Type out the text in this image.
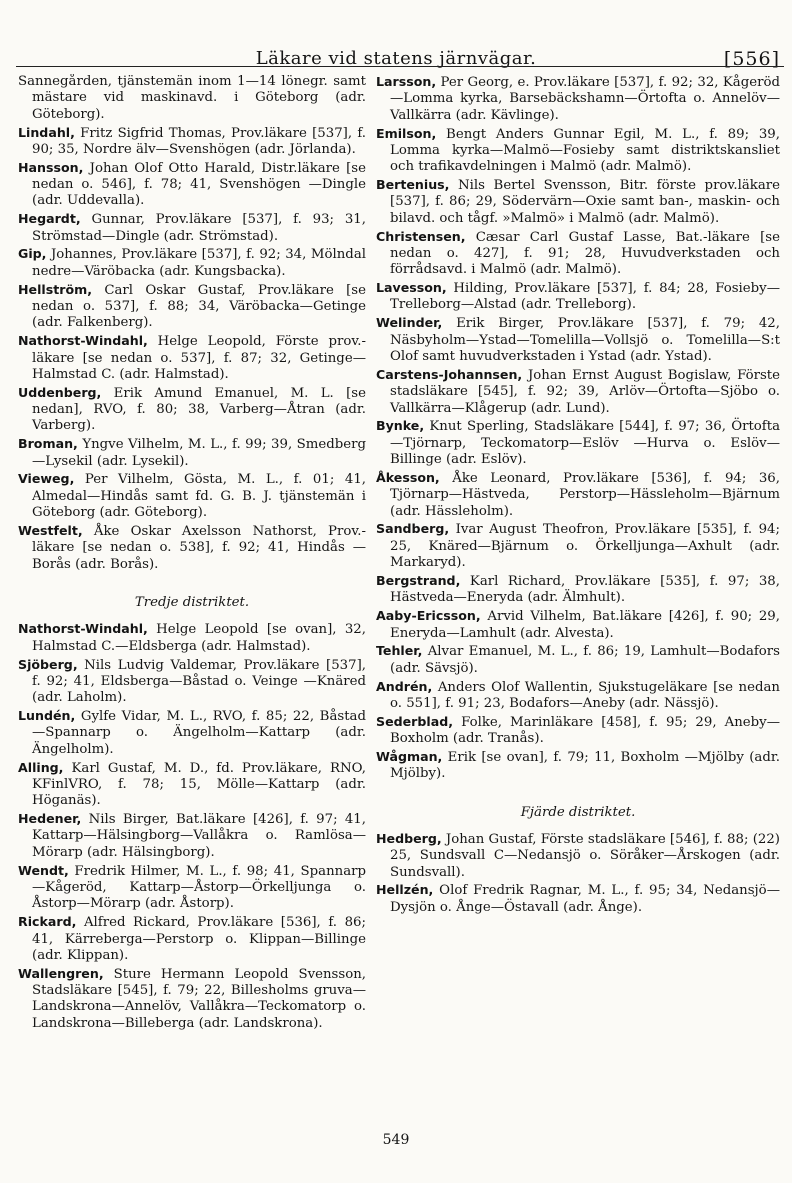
Läkare vid statens järnvägar.	[556]

Sannegården, tjänstemän inom 1—14 lönegr. samt mästare vid maskinavd. i Göteborg (adr. Göteborg).

Lindahl, Fritz Sigfrid Thomas, Prov.läkare [537], f. 90; 35, Nordre älv—Svenshögen (adr. Jörlanda).

Hansson, Johan Olof Otto Harald, Distr.läkare [se nedan o. 546], f. 78; 41, Svenshögen —Dingle (adr. Uddevalla).

Hegardt, Gunnar, Prov.läkare [537], f. 93; 31, Strömstad—Dingle (adr. Strömstad).

Gip, Johannes, Prov.läkare [537], f. 92; 34, Mölndal nedre—Väröbacka (adr. Kungsbacka).

Hellström, Carl Oskar Gustaf, Prov.läkare [se nedan o. 537], f. 88; 34, Väröbacka—Getinge (adr. Falkenberg).

Nathorst-Windahl, Helge Leopold, Förste prov.-läkare [se nedan o. 537], f. 87; 32, Getinge—Halmstad C. (adr. Halmstad).

Uddenberg, Erik Amund Emanuel, M. L. [se nedan], RVO, f. 80; 38, Varberg—Åtran (adr. Varberg).

Broman, Yngve Vilhelm, M. L., f. 99; 39, Smedberg—Lysekil (adr. Lysekil).

Vieweg, Per Vilhelm, Gösta, M. L., f. 01; 41, Almedal—Hindås samt fd. G. B. J. tjänstemän i Göteborg (adr. Göteborg).

Westfelt, Åke Oskar Axelsson Nathorst, Prov.-läkare [se nedan o. 538], f. 92; 41, Hindås —Borås (adr. Borås).

Tredje distriktet.

Nathorst-Windahl, Helge Leopold [se ovan], 32, Halmstad C.—Eldsberga (adr. Halmstad).

Sjöberg, Nils Ludvig Valdemar, Prov.läkare [537], f. 92; 41, Eldsberga—Båstad o. Veinge —Knäred (adr. Laholm).

Lundén, Gylfe Vidar, M. L., RVO, f. 85; 22, Båstad—Spannarp o. Ängelholm—Kattarp (adr. Ängelholm).

Alling, Karl Gustaf, M. D., fd. Prov.läkare, RNO, KFinlVRO, f. 78; 15, Mölle—Kattarp (adr. Höganäs).

Hedener, Nils Birger, Bat.läkare [426], f. 97; 41, Kattarp—Hälsingborg—Vallåkra o. Ramlösa—Mörarp (adr. Hälsingborg).

Wendt, Fredrik Hilmer, M. L., f. 98; 41, Spannarp—Kågeröd, Kattarp—Åstorp—Örkelljunga o. Åstorp—Mörarp (adr. Åstorp).

Rickard, Alfred Rickard, Prov.läkare [536], f. 86; 41, Kärreberga—Perstorp o. Klippan—Billinge (adr. Klippan).

Wallengren, Sture Hermann Leopold Svensson, Stadsläkare [545], f. 79; 22, Billesholms gruva—Landskrona—Annelöv, Vallåkra—Teckomatorp o. Landskrona—Billeberga (adr. Landskrona).

Larsson, Per Georg, e. Prov.läkare [537], f. 92; 32, Kågeröd—Lomma kyrka, Barsebäckshamn—Örtofta o. Annelöv—Vallkärra (adr. Kävlinge).

Emilson, Bengt Anders Gunnar Egil, M. L., f. 89; 39, Lomma kyrka—Malmö—Fosieby samt distriktskansliet och trafikavdelningen i Malmö (adr. Malmö).

Bertenius, Nils Bertel Svensson, Bitr. förste prov.läkare [537], f. 86; 29, Södervärn—Oxie samt ban-, maskin- och bilavd. och tågf. »Malmö» i Malmö (adr. Malmö).

Christensen, Cæsar Carl Gustaf Lasse, Bat.-läkare [se nedan o. 427], f. 91; 28, Huvudverkstaden och förrådsavd. i Malmö (adr. Malmö).

Lavesson, Hilding, Prov.läkare [537], f. 84; 28, Fosieby—Trelleborg—Alstad (adr. Trelleborg).

Welinder, Erik Birger, Prov.läkare [537], f. 79; 42, Näsbyholm—Ystad—Tomelilla—Vollsjö o. Tomelilla—S:t Olof samt huvudverkstaden i Ystad (adr. Ystad).

Carstens-Johannsen, Johan Ernst August Bogislaw, Förste stadsläkare [545], f. 92; 39, Arlöv—Örtofta—Sjöbo o. Vallkärra—Klågerup (adr. Lund).

Bynke, Knut Sperling, Stadsläkare [544], f. 97; 36, Örtofta—Tjörnarp, Teckomatorp—Eslöv —Hurva o. Eslöv—Billinge (adr. Eslöv).

Åkesson, Åke Leonard, Prov.läkare [536], f. 94; 36, Tjörnarp—Hästveda, Perstorp—Hässleholm—Bjärnum (adr. Hässleholm).

Sandberg, Ivar August Theofron, Prov.läkare [535], f. 94; 25, Knäred—Bjärnum o. Örkelljunga—Axhult (adr. Markaryd).

Bergstrand, Karl Richard, Prov.läkare [535], f. 97; 38, Hästveda—Eneryda (adr. Älmhult).

Aaby-Ericsson, Arvid Vilhelm, Bat.läkare [426], f. 90; 29, Eneryda—Lamhult (adr. Alvesta).

Tehler, Alvar Emanuel, M. L., f. 86; 19, Lamhult—Bodafors (adr. Sävsjö).

Andrén, Anders Olof Wallentin, Sjukstugeläkare [se nedan o. 551], f. 91; 23, Bodafors—Aneby (adr. Nässjö).

Sederblad, Folke, Marinläkare [458], f. 95; 29, Aneby—Boxholm (adr. Tranås).

Wågman, Erik [se ovan], f. 79; 11, Boxholm —Mjölby (adr. Mjölby).

Fjärde distriktet.

Hedberg, Johan Gustaf, Förste stadsläkare [546], f. 88; (22) 25, Sundsvall C—Nedansjö o. Söråker—Årskogen (adr. Sundsvall).

Hellzén, Olof Fredrik Ragnar, M. L., f. 95; 34, Nedansjö—Dysjön o. Ånge—Östavall (adr. Ånge).

549
